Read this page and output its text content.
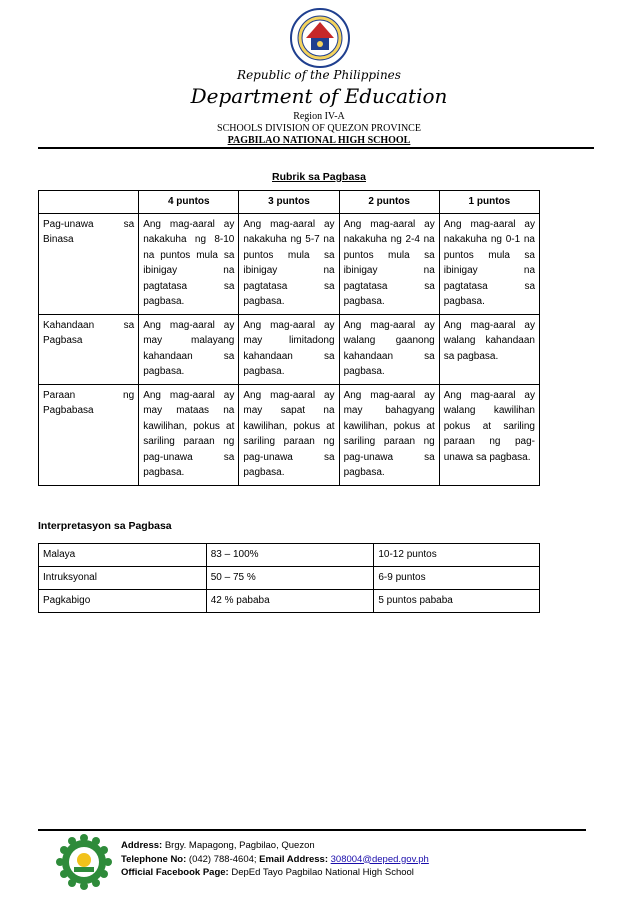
Republic of the Philippines
Department of Education
Region IV-A
SCHOOLS DIVISION OF QUEZON PROVINCE
PAGBILAO NATIONAL HIGH SCHOOL
Rubrik sa Pagbasa
	4 puntos	3 puntos	2 puntos	1 puntos
Pag-unawa sa Binasa	Ang mag-aaral ay nakakuha ng 8-10 na puntos mula sa ibinigay na pagtatasa sa pagbasa.	Ang mag-aaral ay nakakuha ng 5-7 na puntos mula sa ibinigay na pagtatasa sa pagbasa.	Ang mag-aaral ay nakakuha ng 2-4 na puntos mula sa ibinigay na pagtatasa sa pagbasa.	Ang mag-aaral ay nakakuha ng 0-1 na puntos mula sa ibinigay na pagtatasa sa pagbasa.
Kahandaan sa Pagbasa	Ang mag-aaral ay may malayang kahandaan sa pagbasa.	Ang mag-aaral ay may limitadong kahandaan sa pagbasa.	Ang mag-aaral ay walang gaanong kahandaan sa pagbasa.	Ang mag-aaral ay walang kahandaan sa pagbasa.
Paraan ng Pagbabasa	Ang mag-aaral ay may mataas na kawilihan, pokus at sariling paraan ng pag-unawa sa pagbasa.	Ang mag-aaral ay may sapat na kawilihan, pokus at sariling paraan ng pag-unawa sa pagbasa.	Ang mag-aaral ay may bahagyang kawilihan, pokus at sariling paraan ng pag-unawa sa pagbasa.	Ang mag-aaral ay walang kawilihan pokus at sariling paraan ng pag-unawa sa pagbasa.
Interpretasyon sa Pagbasa
Malaya	83 – 100%	10-12 puntos
Intruksyonal	50 – 75 %	6-9 puntos
Pagkabigo	42 % pababa	5 puntos pababa
Address: Brgy. Mapagong, Pagbilao, Quezon
Telephone No: (042) 788-4604; Email Address: 308004@deped.gov.ph
Official Facebook Page: DepEd Tayo Pagbilao National High School
